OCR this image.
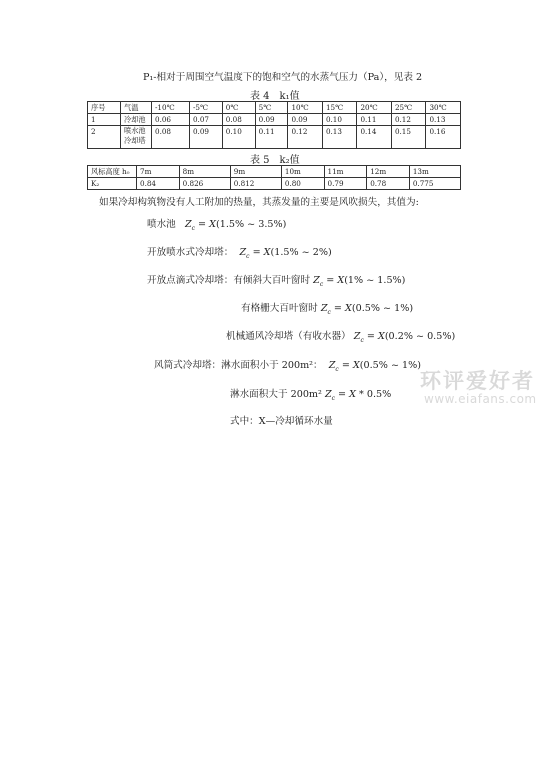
P₁-相对于周围空气温度下的饱和空气的水蒸气压力（Pa），见表 2
表 4　k₁值
序号	气温	-10℃	-5℃	0℃	5℃	10℃	15℃	20℃	25℃	30℃
1	冷却池	0.06	0.07	0.08	0.09	0.09	0.10	0.11	0.12	0.13
2	喷水池 冷却塔	0.08	0.09	0.10	0.11	0.12	0.13	0.14	0.15	0.16
表 5　k₂值
风标高度 h₀	7m	8m	9m	10m	11m	12m	13m
K₂	0.84	0.826	0.812	0.80	0.79	0.78	0.775
如果冷却构筑物没有人工附加的热量，其蒸发量的主要是风吹损失，其值为:
喷水池 $Z_c = X(1.5\%$ ~ 3.5%)
开放喷水式冷却塔： $Z_c = X(1.5\%$ ~ 2%)
开放点滴式冷却塔：有倾斜大百叶窗时 $Z_c = X(1\%$ ~ 1.5%)
有格栅大百叶窗时 $Z_c = X(0.5\%$ ~ 1%)
机械通风冷却塔（有收水器） $Z_c = X(0.2\%$ ~ 0.5%)
风筒式冷却塔：淋水面积小于 200m²： $Z_c = X(0.5\%$ ~ 1%)
淋水面积大于 200m² $Z_c = X * 0.5\%$
式中：X—冷却循环水量
环评爱好者
www.eiafans.com
